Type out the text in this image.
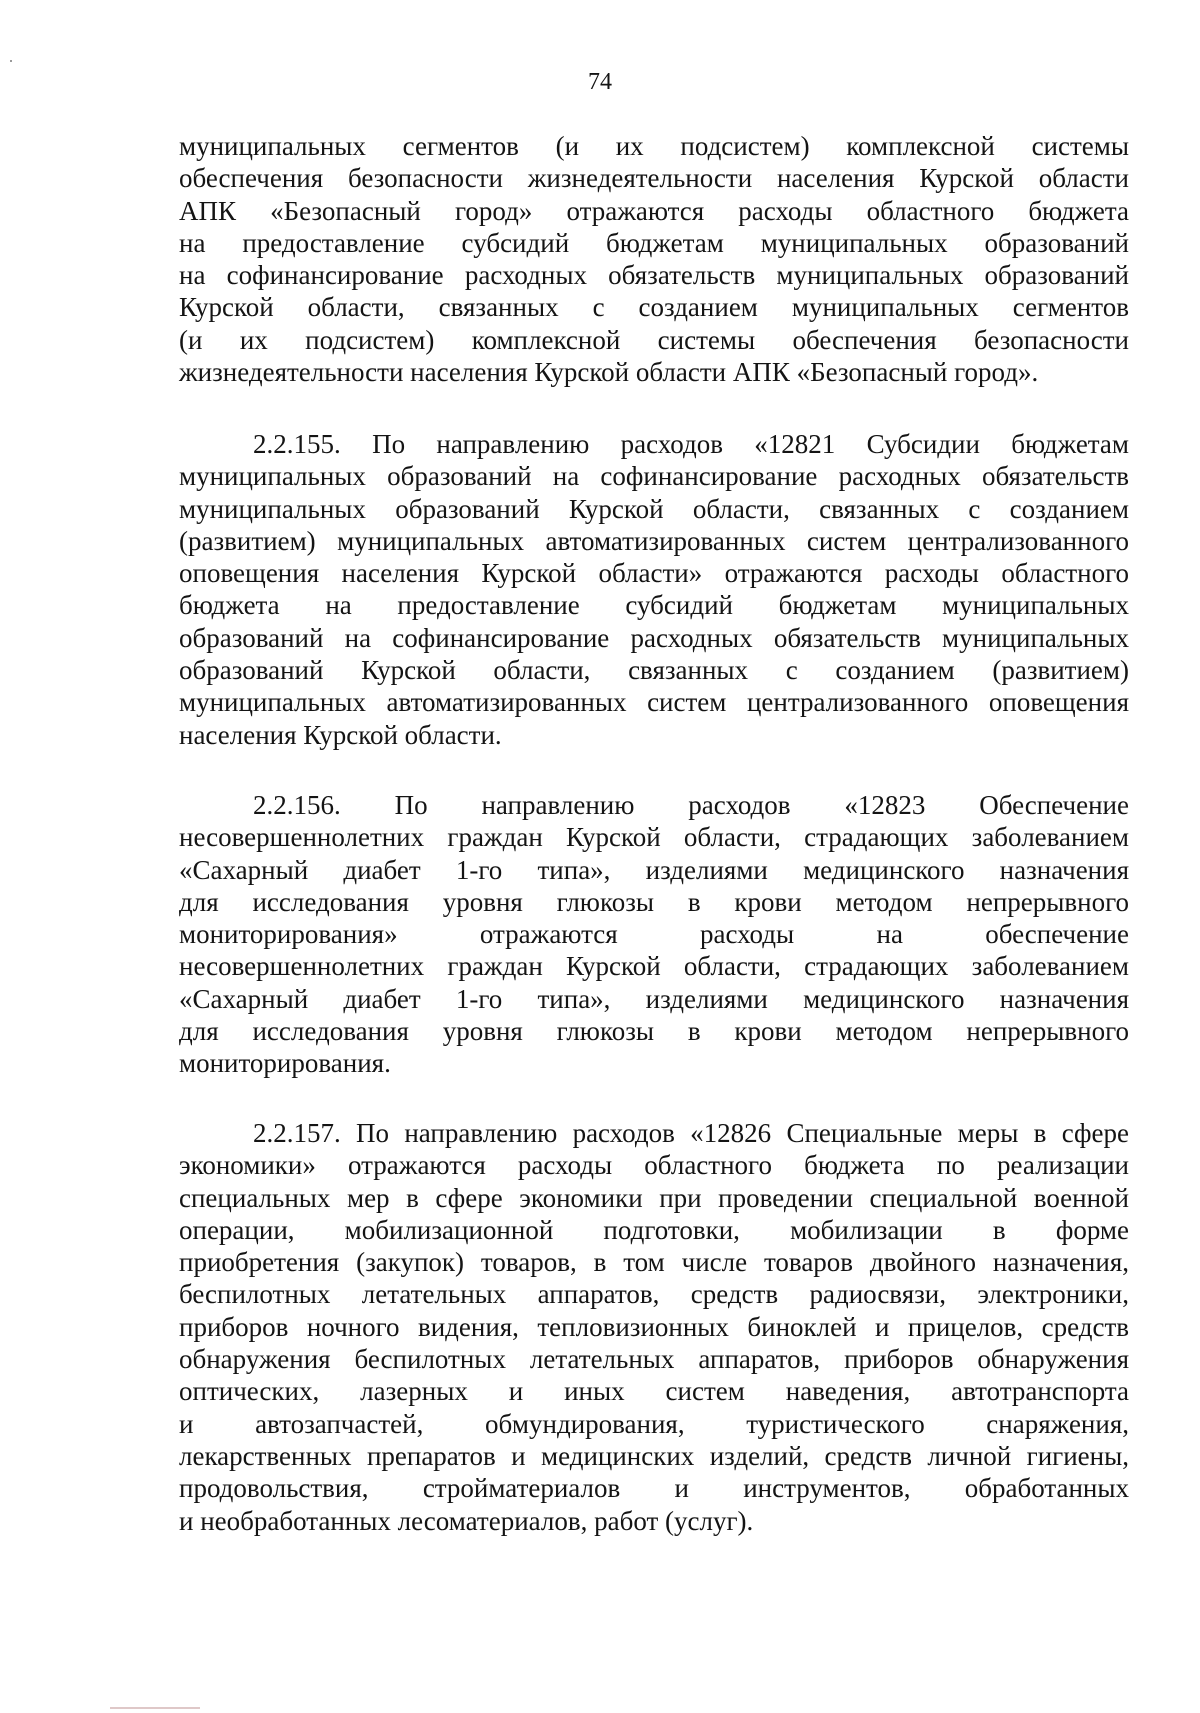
74
муниципальных сегментов (и их подсистем) комплексной системы
обеспечения безопасности жизнедеятельности населения Курской области
АПК «Безопасный город» отражаются расходы областного бюджета
на предоставление субсидий бюджетам муниципальных образований
на софинансирование расходных обязательств муниципальных образований
Курской области, связанных с созданием муниципальных сегментов
(и их подсистем) комплексной системы обеспечения безопасности
жизнедеятельности населения Курской области АПК «Безопасный город».
2.2.155. По направлению расходов «12821 Субсидии бюджетам
муниципальных образований на софинансирование расходных обязательств
муниципальных образований Курской области, связанных с созданием
(развитием) муниципальных автоматизированных систем централизованного
оповещения населения Курской области» отражаются расходы областного
бюджета на предоставление субсидий бюджетам муниципальных
образований на софинансирование расходных обязательств муниципальных
образований Курской области, связанных с созданием (развитием)
муниципальных автоматизированных систем централизованного оповещения
населения Курской области.
2.2.156. По направлению расходов «12823 Обеспечение
несовершеннолетних граждан Курской области, страдающих заболеванием
«Сахарный диабет 1-го типа», изделиями медицинского назначения
для исследования уровня глюкозы в крови методом непрерывного
мониторирования» отражаются расходы на обеспечение
несовершеннолетних граждан Курской области, страдающих заболеванием
«Сахарный диабет 1-го типа», изделиями медицинского назначения
для исследования уровня глюкозы в крови методом непрерывного
мониторирования.
2.2.157. По направлению расходов «12826 Специальные меры в сфере
экономики» отражаются расходы областного бюджета по реализации
специальных мер в сфере экономики при проведении специальной военной
операции, мобилизационной подготовки, мобилизации в форме
приобретения (закупок) товаров, в том числе товаров двойного назначения,
беспилотных летательных аппаратов, средств радиосвязи, электроники,
приборов ночного видения, тепловизионных биноклей и прицелов, средств
обнаружения беспилотных летательных аппаратов, приборов обнаружения
оптических, лазерных и иных систем наведения, автотранспорта
и автозапчастей, обмундирования, туристического снаряжения,
лекарственных препаратов и медицинских изделий, средств личной гигиены,
продовольствия, стройматериалов и инструментов, обработанных
и необработанных лесоматериалов, работ (услуг).
